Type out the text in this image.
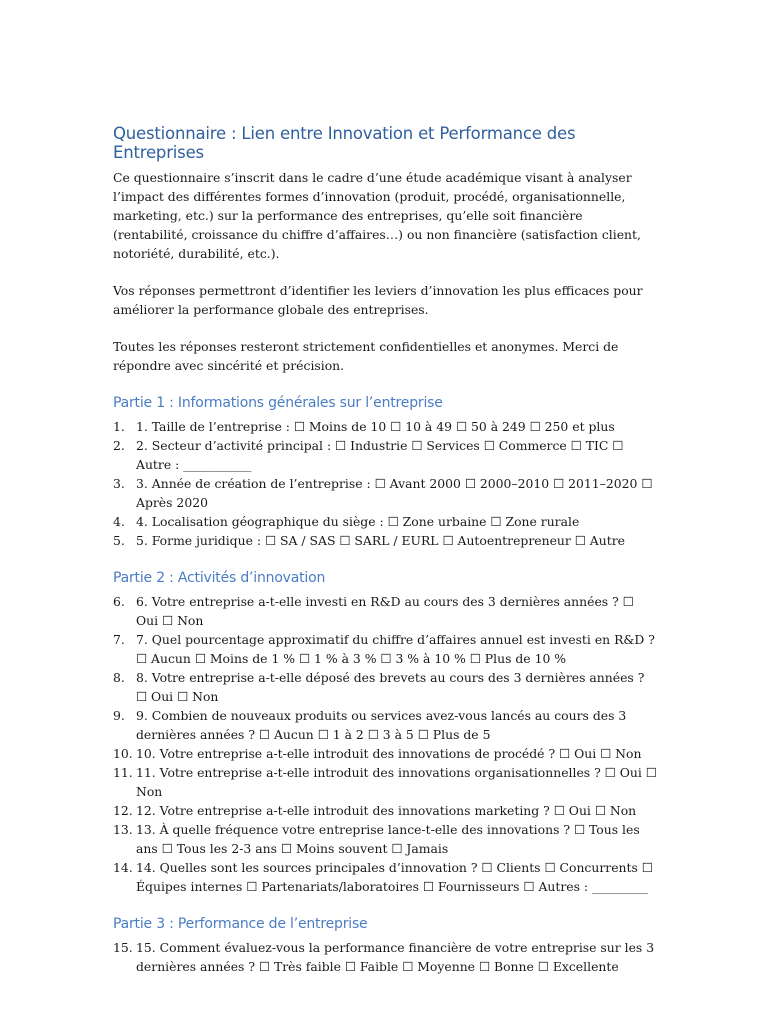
Questionnaire : Lien entre Innovation et Performance des Entreprises

Ce questionnaire s’inscrit dans le cadre d’une étude académique visant à analyser l’impact des différentes formes d’innovation (produit, procédé, organisationnelle, marketing, etc.) sur la performance des entreprises, qu’elle soit financière (rentabilité, croissance du chiffre d’affaires…) ou non financière (satisfaction client, notoriété, durabilité, etc.).

Vos réponses permettront d’identifier les leviers d’innovation les plus efficaces pour améliorer la performance globale des entreprises.

Toutes les réponses resteront strictement confidentielles et anonymes. Merci de répondre avec sincérité et précision.

Partie 1 : Informations générales sur l’entreprise
1. 1. Taille de l’entreprise : ☐ Moins de 10 ☐ 10 à 49 ☐ 50 à 249 ☐ 250 et plus
2. 2. Secteur d’activité principal : ☐ Industrie ☐ Services ☐ Commerce ☐ TIC ☐ Autre : ___________
3. 3. Année de création de l’entreprise : ☐ Avant 2000 ☐ 2000–2010 ☐ 2011–2020 ☐ Après 2020
4. 4. Localisation géographique du siège : ☐ Zone urbaine ☐ Zone rurale
5. 5. Forme juridique : ☐ SA / SAS ☐ SARL / EURL ☐ Autoentrepreneur ☐ Autre
Partie 2 : Activités d’innovation
6. 6. Votre entreprise a-t-elle investi en R&D au cours des 3 dernières années ? ☐ Oui ☐ Non
7. 7. Quel pourcentage approximatif du chiffre d’affaires annuel est investi en R&D ? ☐ Aucun ☐ Moins de 1 % ☐ 1 % à 3 % ☐ 3 % à 10 % ☐ Plus de 10 %
8. 8. Votre entreprise a-t-elle déposé des brevets au cours des 3 dernières années ? ☐ Oui ☐ Non
9. 9. Combien de nouveaux produits ou services avez-vous lancés au cours des 3 dernières années ? ☐ Aucun ☐ 1 à 2 ☐ 3 à 5 ☐ Plus de 5
10. 10. Votre entreprise a-t-elle introduit des innovations de procédé ? ☐ Oui ☐ Non
11. 11. Votre entreprise a-t-elle introduit des innovations organisationnelles ? ☐ Oui ☐ Non
12. 12. Votre entreprise a-t-elle introduit des innovations marketing ? ☐ Oui ☐ Non
13. 13. À quelle fréquence votre entreprise lance-t-elle des innovations ? ☐ Tous les ans ☐ Tous les 2-3 ans ☐ Moins souvent ☐ Jamais
14. 14. Quelles sont les sources principales d’innovation ? ☐ Clients ☐ Concurrents ☐ Équipes internes ☐ Partenariats/laboratoires ☐ Fournisseurs ☐ Autres : _________
Partie 3 : Performance de l’entreprise
15. 15. Comment évaluez-vous la performance financière de votre entreprise sur les 3 dernières années ? ☐ Très faible ☐ Faible ☐ Moyenne ☐ Bonne ☐ Excellente
